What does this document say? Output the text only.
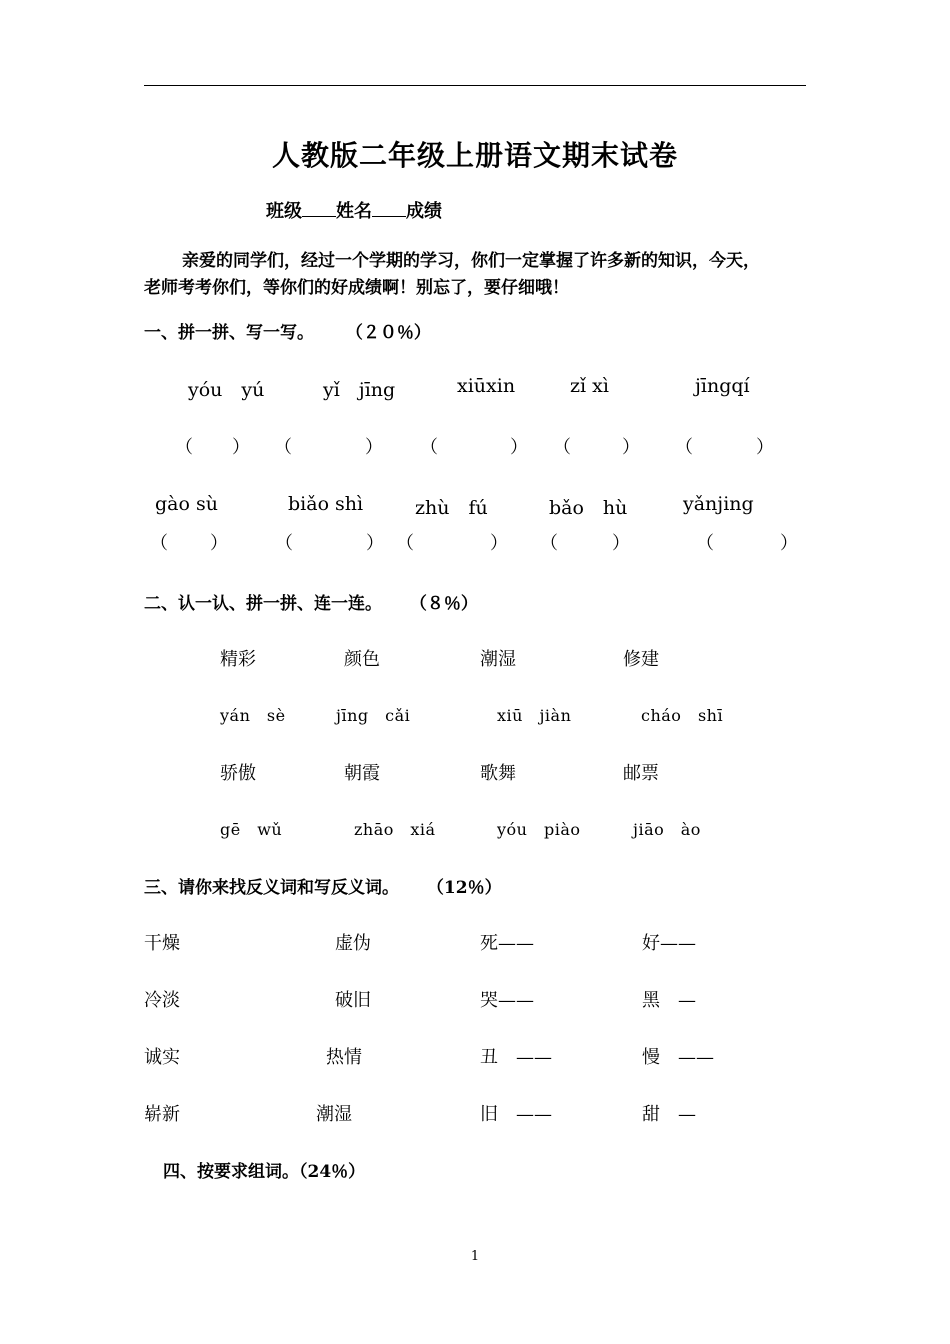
人教版二年级上册语文期末试卷
班级 姓名 成绩
亲爱的同学们，经过一个学期的学习，你们一定掌握了许多新的知识，今天，
老师考考你们，等你们的好成绩啊！别忘了，要仔细哦！
一、拼一拼、写一写。 （２０％）
yóu　yú	yǐ　jīng	xiūxin	zǐ xì	jīngqí
（ ） （	） （	） （	） （	）
gào sù	biǎo shì	zhù　fú	bǎo　hù	yǎnjing
（ ）	（	） （	） （	）	（	）
二、认一认、拼一拼、连一连。 （８％）
精彩	颜色	潮湿	修建
yán　sè	jīng　cǎi	xiū　jiàn	cháo　shī
骄傲	朝霞	歌舞	邮票
gē　wǔ	zhāo　xiá	yóu　piào	jiāo　ào
三、请你来找反义词和写反义词。 （12％）
干燥	虚伪	死——	好——
冷淡	破旧	哭——	黑　—
诚实	热情	丑　——	慢　——
崭新	潮湿	旧　——	甜　—
四、按要求组词。（24％）
1
